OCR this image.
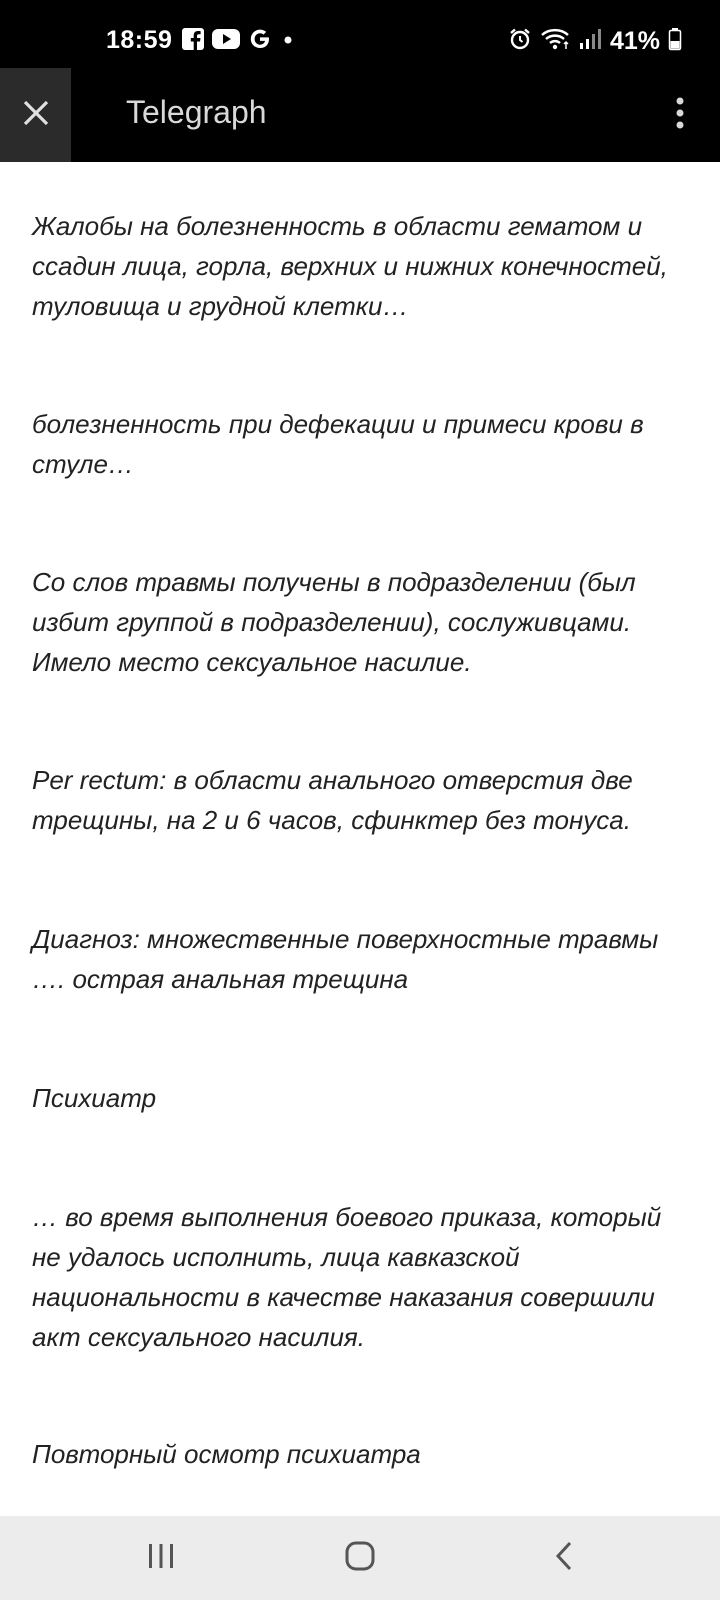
18:59	41%
Telegraph

Жалобы на болезненность в области гематом и ссадин лица, горла, верхних и нижних конечностей, туловища и грудной клетки…

болезненность при дефекации и примеси крови в стуле…

Со слов травмы получены в подразделении (был избит группой в подразделении), сослуживцами. Имело место сексуальное насилие.

Per rectum: в области анального отверстия две трещины, на 2 и 6 часов, сфинктер без тонуса.

Диагноз: множественные поверхностные травмы …. острая анальная трещина

Психиатр

… во время выполнения боевого приказа, который не удалось исполнить, лица кавказской национальности в качестве наказания совершили акт сексуального насилия.

Повторный осмотр психиатра
